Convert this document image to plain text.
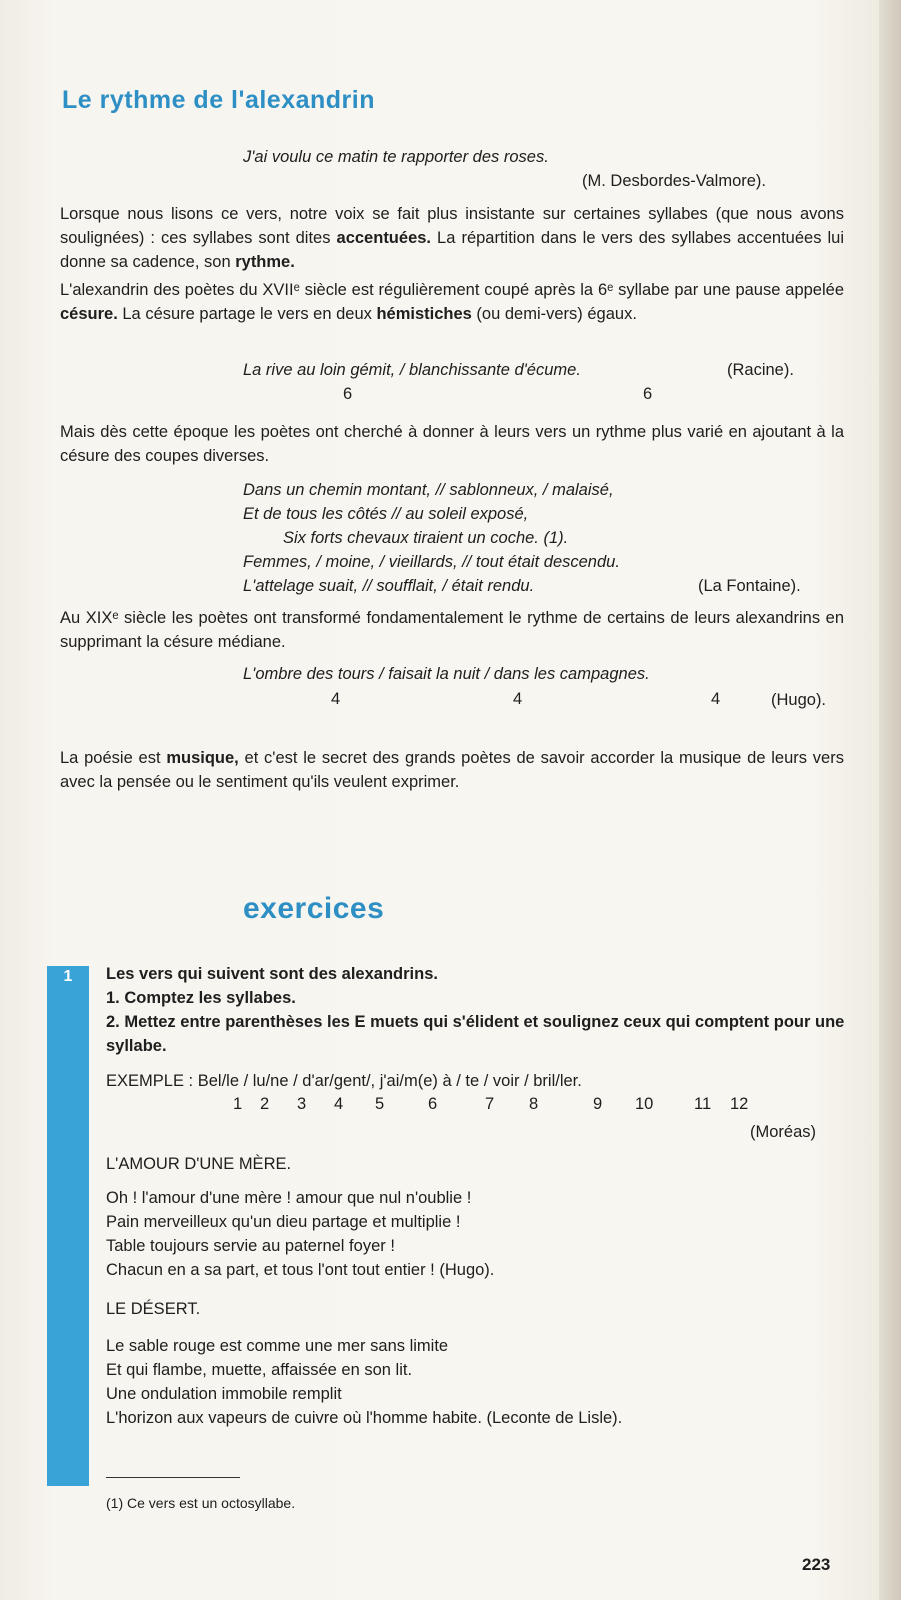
Le rythme de l'alexandrin
J'ai voulu ce matin te rapporter des roses.
(M. Desbordes-Valmore).
Lorsque nous lisons ce vers, notre voix se fait plus insistante sur certaines syllabes (que nous avons soulignées) : ces syllabes sont dites accentuées. La répartition dans le vers des syllabes accentuées lui donne sa cadence, son rythme.
L'alexandrin des poètes du XVIIᵉ siècle est régulièrement coupé après la 6ᵉ syllabe par une pause appelée césure. La césure partage le vers en deux hémistiches (ou demi-vers) égaux.
La rive au loin gémit, / blanchissante d'écume.	(Racine).
6	6
Mais dès cette époque les poètes ont cherché à donner à leurs vers un rythme plus varié en ajoutant à la césure des coupes diverses.
Dans un chemin montant, // sablonneux, / malaisé,
Et de tous les côtés // au soleil exposé,
Six forts chevaux tiraient un coche. (1).
Femmes, / moine, / vieillards, // tout était descendu.
L'attelage suait, // soufflait, / était rendu.	(La Fontaine).
Au XIXᵉ siècle les poètes ont transformé fondamentalement le rythme de certains de leurs alexandrins en supprimant la césure médiane.
L'ombre des tours / faisait la nuit / dans les campagnes.
4	4	4	(Hugo).
La poésie est musique, et c'est le secret des grands poètes de savoir accorder la musique de leurs vers avec la pensée ou le sentiment qu'ils veulent exprimer.
exercices
1	Les vers qui suivent sont des alexandrins.
1. Comptez les syllabes.
2. Mettez entre parenthèses les E muets qui s'élident et soulignez ceux qui comptent pour une syllabe.
EXEMPLE : Bel/le / lu/ne / d'ar/gent/, j'ai/m(e) à / te / voir / bril/ler.
1 2 3 4 5	6	7 8	9 10 11 12
(Moréas)
L'AMOUR D'UNE MÈRE.
Oh ! l'amour d'une mère ! amour que nul n'oublie !
Pain merveilleux qu'un dieu partage et multiplie !
Table toujours servie au paternel foyer !
Chacun en a sa part, et tous l'ont tout entier ! (Hugo).
LE DÉSERT.
Le sable rouge est comme une mer sans limite
Et qui flambe, muette, affaissée en son lit.
Une ondulation immobile remplit
L'horizon aux vapeurs de cuivre où l'homme habite. (Leconte de Lisle).
(1) Ce vers est un octosyllabe.
223
